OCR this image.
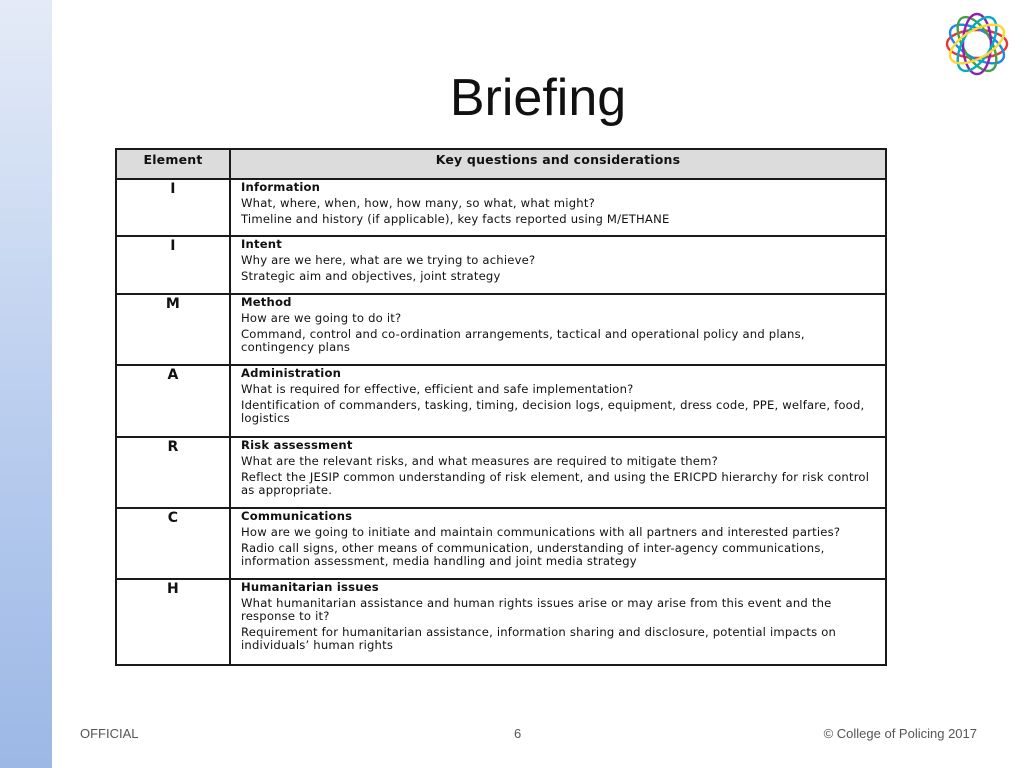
Briefing
Element	Key questions and considerations
I	Information
What, where, when, how, how many, so what, what might?
Timeline and history (if applicable), key facts reported using M/ETHANE

I	Intent
Why are we here, what are we trying to achieve?
Strategic aim and objectives, joint strategy

M	Method
How are we going to do it?
Command, control and co-ordination arrangements, tactical and operational policy and plans, contingency plans

A	Administration
What is required for effective, efficient and safe implementation?
Identification of commanders, tasking, timing, decision logs, equipment, dress code, PPE, welfare, food, logistics

R	Risk assessment
What are the relevant risks, and what measures are required to mitigate them?
Reflect the JESIP common understanding of risk element, and using the ERICPD hierarchy for risk control as appropriate.

C	Communications
How are we going to initiate and maintain communications with all partners and interested parties?
Radio call signs, other means of communication, understanding of inter-agency communications, information assessment, media handling and joint media strategy

H	Humanitarian issues
What humanitarian assistance and human rights issues arise or may arise from this event and the response to it?
Requirement for humanitarian assistance, information sharing and disclosure, potential impacts on individuals’ human rights
OFFICIAL	6	© College of Policing 2017
